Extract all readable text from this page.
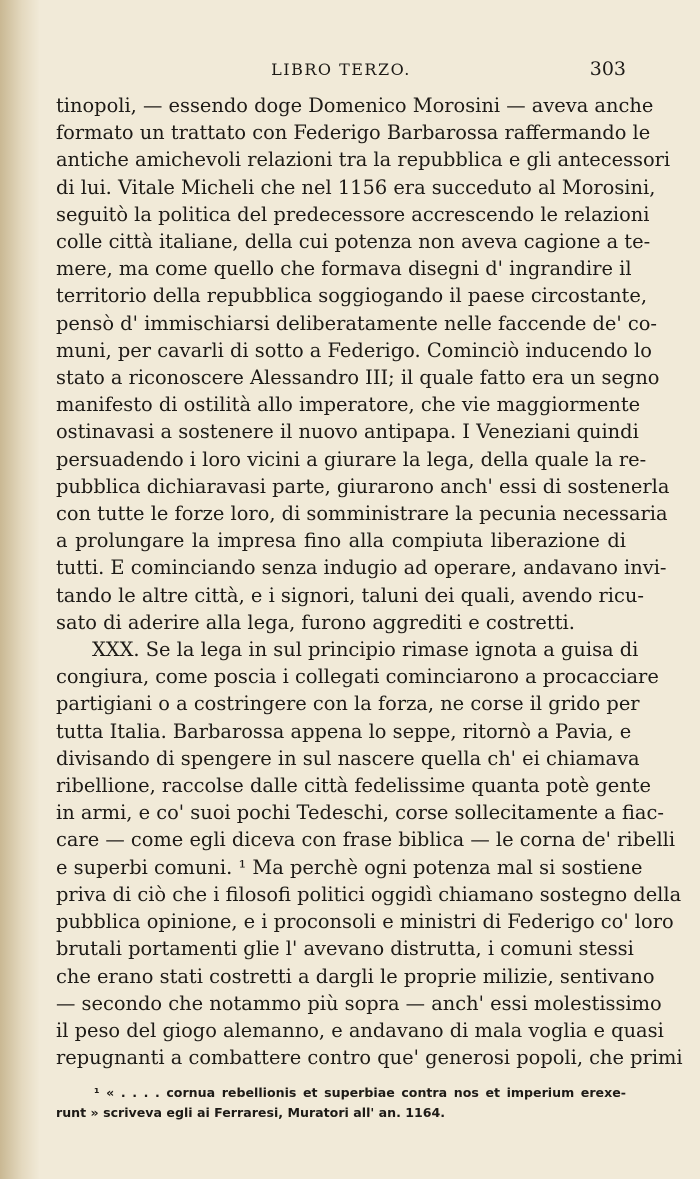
LIBRO TERZO.	303
tinopoli, — essendo doge Domenico Morosini — aveva anche
formato un trattato con Federigo Barbarossa raffermando le
antiche amichevoli relazioni tra la repubblica e gli antecessori
di lui. Vitale Micheli che nel 1156 era succeduto al Morosini,
seguitò la politica del predecessore accrescendo le relazioni
colle città italiane, della cui potenza non aveva cagione a te-
mere, ma come quello che formava disegni d' ingrandire il
territorio della repubblica soggiogando il paese circostante,
pensò d' immischiarsi deliberatamente nelle faccende de' co-
muni, per cavarli di sotto a Federigo. Cominciò inducendo lo
stato a riconoscere Alessandro III; il quale fatto era un segno
manifesto di ostilità allo imperatore, che vie maggiormente
ostinavasi a sostenere il nuovo antipapa. I Veneziani quindi
persuadendo i loro vicini a giurare la lega, della quale la re-
pubblica dichiaravasi parte, giurarono anch' essi di sostenerla
con tutte le forze loro, di somministrare la pecunia necessaria
a prolungare la impresa fino alla compiuta liberazione di
tutti. E cominciando senza indugio ad operare, andavano invi-
tando le altre città, e i signori, taluni dei quali, avendo ricu-
sato di aderire alla lega, furono aggrediti e costretti.
XXX. Se la lega in sul principio rimase ignota a guisa di
congiura, come poscia i collegati cominciarono a procacciare
partigiani o a costringere con la forza, ne corse il grido per
tutta Italia. Barbarossa appena lo seppe, ritornò a Pavia, e
divisando di spengere in sul nascere quella ch' ei chiamava
ribellione, raccolse dalle città fedelissime quanta potè gente
in armi, e co' suoi pochi Tedeschi, corse sollecitamente a fiac-
care — come egli diceva con frase biblica — le corna de' ribelli
e superbi comuni. ¹ Ma perchè ogni potenza mal si sostiene
priva di ciò che i filosofi politici oggidì chiamano sostegno della
pubblica opinione, e i proconsoli e ministri di Federigo co' loro
brutali portamenti glie l' avevano distrutta, i comuni stessi
che erano stati costretti a dargli le proprie milizie, sentivano
— secondo che notammo più sopra — anch' essi molestissimo
il peso del giogo alemanno, e andavano di mala voglia e quasi
repugnanti a combattere contro que' generosi popoli, che primi
¹ « . . . . cornua rebellionis et superbiae contra nos et imperium erexe-
runt » scriveva egli ai Ferraresi, Muratori all' an. 1164.
